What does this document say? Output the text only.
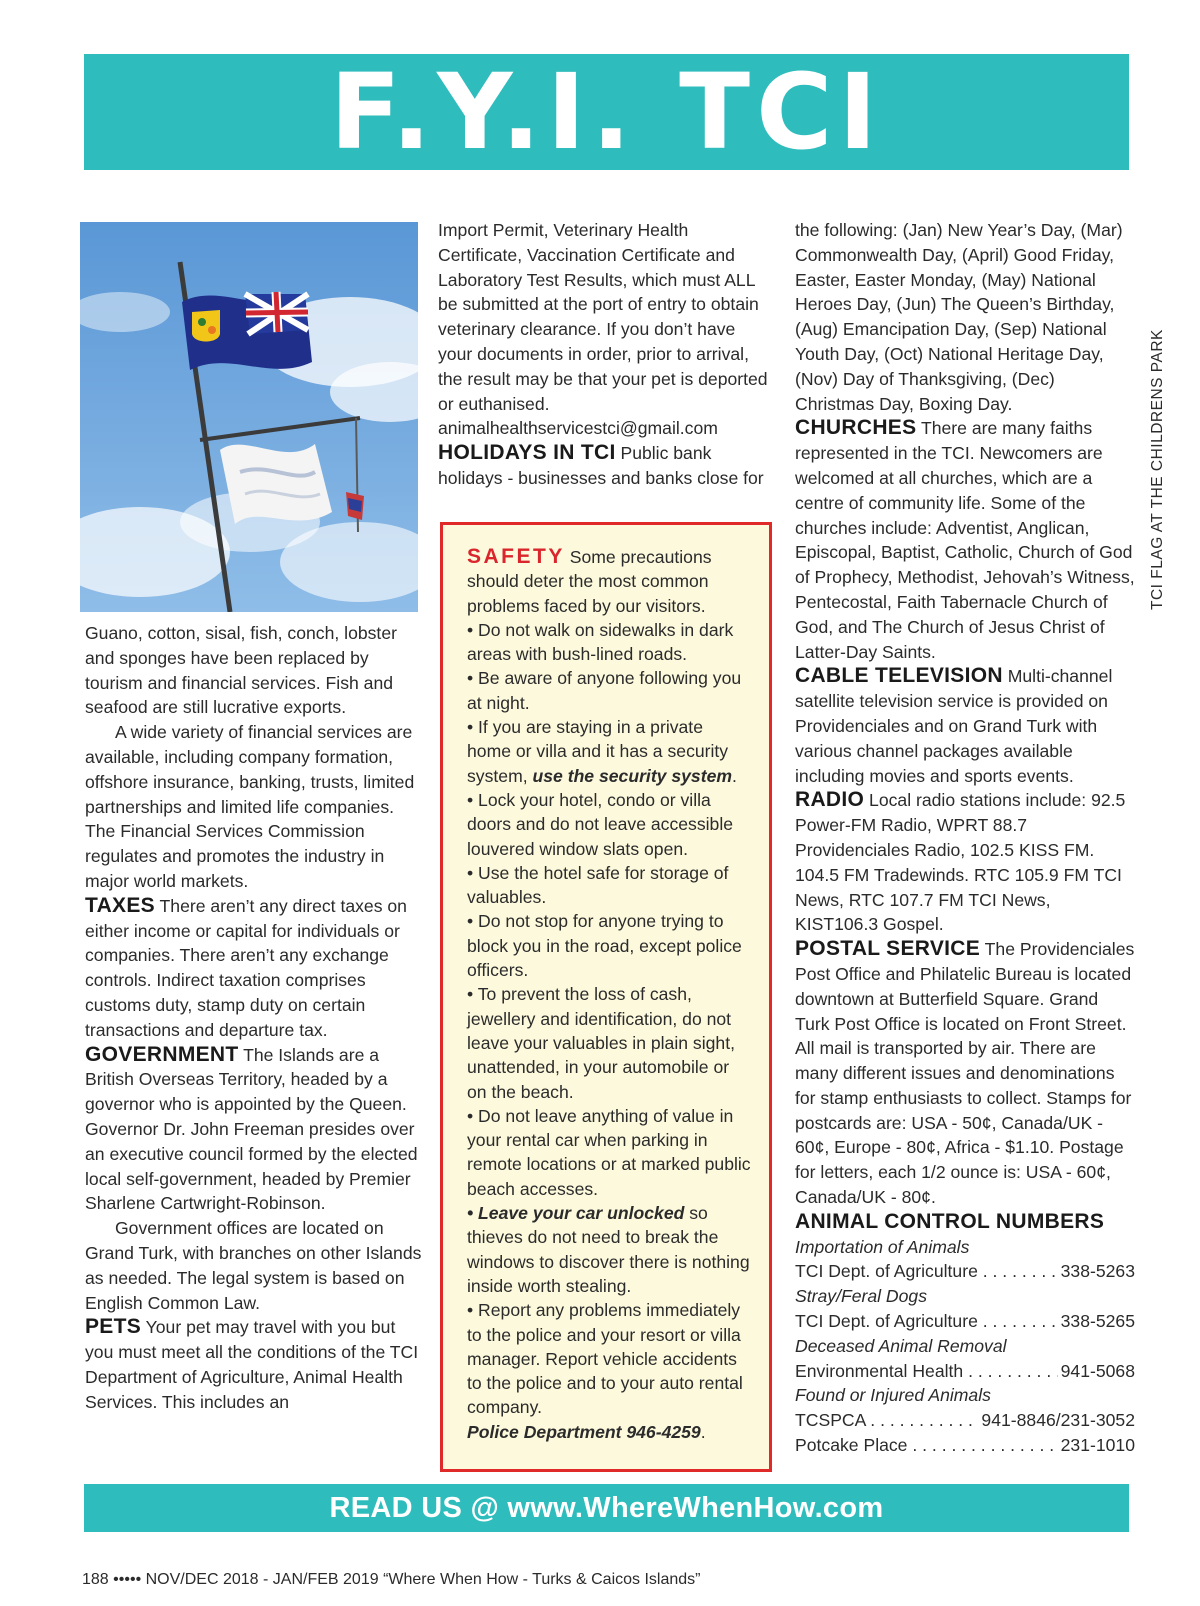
F.Y.I. TCI

Guano, cotton, sisal, fish, conch, lobster and sponges have been replaced by tourism and financial services. Fish and seafood are still lucrative exports.

A wide variety of financial services are available, including company formation, offshore insurance, banking, trusts, limited partnerships and limited life companies. The Financial Services Commission regulates and promotes the industry in major world markets.

TAXES There aren’t any direct taxes on either income or capital for individuals or companies. There aren’t any exchange controls. Indirect taxation comprises customs duty, stamp duty on certain transactions and departure tax.

GOVERNMENT The Islands are a British Overseas Territory, headed by a governor who is appointed by the Queen. Governor Dr. John Freeman presides over an executive council formed by the elected local self-government, headed by Premier Sharlene Cartwright-Robinson.

Government offices are located on Grand Turk, with branches on other Islands as needed. The legal system is based on English Common Law.

PETS Your pet may travel with you but you must meet all the conditions of the TCI Department of Agriculture, Animal Health Services. This includes an

Import Permit, Veterinary Health Certificate, Vaccination Certificate and Laboratory Test Results, which must ALL be submitted at the port of entry to obtain veterinary clearance. If you don’t have your documents in order, prior to arrival, the result may be that your pet is deported or euthanised.

animalhealthservicestci@gmail.com

HOLIDAYS IN TCI Public bank holidays - businesses and banks close for

SAFETY Some precautions should deter the most common problems faced by our visitors.

• Do not walk on sidewalks in dark areas with bush-lined roads.

• Be aware of anyone following you at night.

• If you are staying in a private home or villa and it has a security system, use the security system.

• Lock your hotel, condo or villa doors and do not leave accessible louvered window slats open.

• Use the hotel safe for storage of valuables.

• Do not stop for anyone trying to block you in the road, except police officers.

• To prevent the loss of cash, jewellery and identification, do not leave your valuables in plain sight, unattended, in your automobile or on the beach.

• Do not leave anything of value in your rental car when parking in remote locations or at marked public beach accesses.

• Leave your car unlocked so thieves do not need to break the windows to discover there is nothing inside worth stealing.

• Report any problems immediately to the police and your resort or villa manager. Report vehicle accidents to the police and to your auto rental company.

Police Department 946-4259.

the following: (Jan) New Year’s Day, (Mar) Commonwealth Day, (April) Good Friday, Easter, Easter Monday, (May) National Heroes Day, (Jun) The Queen’s Birthday, (Aug) Emancipation Day, (Sep) National Youth Day, (Oct) National Heritage Day, (Nov) Day of Thanksgiving, (Dec) Christmas Day, Boxing Day.

CHURCHES There are many faiths represented in the TCI. Newcomers are welcomed at all churches, which are a centre of community life. Some of the churches include: Adventist, Anglican, Episcopal, Baptist, Catholic, Church of God of Prophecy, Methodist, Jehovah’s Witness, Pentecostal, Faith Tabernacle Church of God, and The Church of Jesus Christ of Latter-Day Saints.

CABLE TELEVISION Multi-channel satellite television service is provided on Providenciales and on Grand Turk with various channel packages available including movies and sports events.

RADIO Local radio stations include: 92.5 Power-FM Radio, WPRT 88.7 Providenciales Radio, 102.5 KISS FM. 104.5 FM Tradewinds. RTC 105.9 FM TCI News, RTC 107.7 FM TCI News, KIST106.3 Gospel.

POSTAL SERVICE The Providenciales Post Office and Philatelic Bureau is located downtown at Butterfield Square. Grand Turk Post Office is located on Front Street. All mail is transported by air. There are many different issues and denominations for stamp enthusiasts to collect. Stamps for postcards are: USA - 50¢, Canada/UK - 60¢, Europe - 80¢, Africa - $1.10. Postage for letters, each 1/2 ounce is: USA - 60¢, Canada/UK - 80¢.

ANIMAL CONTROL NUMBERS

Importation of Animals

TCI Dept. of Agriculture . . .	338-5263

Stray/Feral Dogs

TCI Dept. of Agriculture . . .	338-5265

Deceased Animal Removal

Environmental Health . . .	941-5068

Found or Injured Animals

TCSPCA . . .	941-8846/231-3052
Potcake Place . . .	231-1010
TCI FLAG AT THE CHILDRENS PARK
READ US @ www.WhereWhenHow.com
188 ••••• NOV/DEC 2018 - JAN/FEB 2019 “Where When How - Turks & Caicos Islands”
